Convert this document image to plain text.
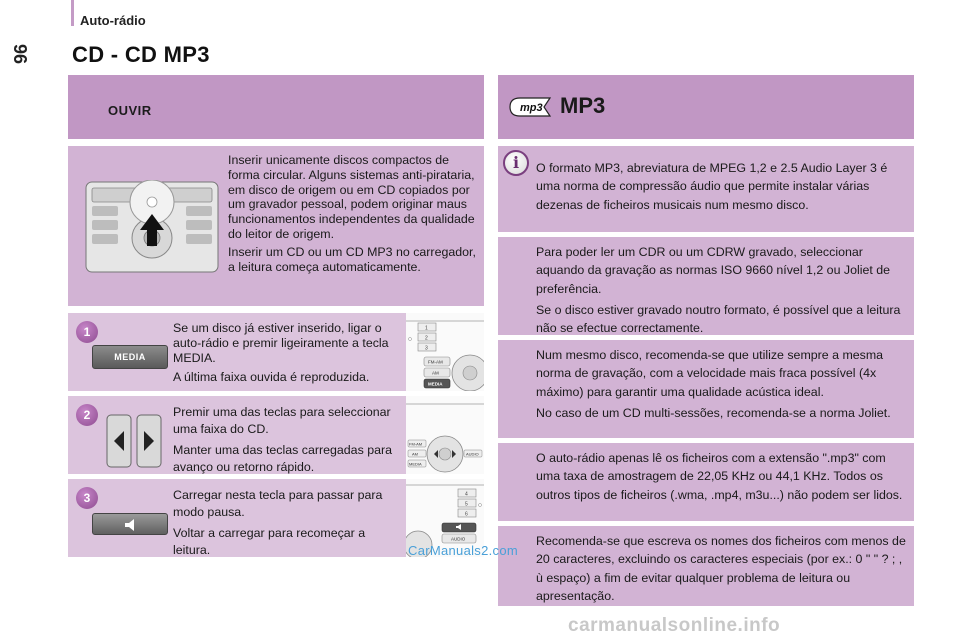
Auto-rádio
96 CD - CD MP3
OUVIR	mp3 MP3

Inserir unicamente discos compactos de forma circular. Alguns sistemas anti-pirataria, em disco de origem ou em CD copiados por um gravador pessoal, podem originar maus funcionamentos independentes da qualidade do leitor de origem.

Inserir um CD ou um CD MP3 no carregador, a leitura começa automaticamente.

1
MEDIA

Se um disco já estiver inserido, ligar o auto-rádio e premir ligeiramente a tecla MEDIA.

A última faixa ouvida é reproduzida.

2	Premir uma das teclas para seleccionar uma faixa do CD.

Manter uma das teclas carregadas para avanço ou retorno rápido.

3	Carregar nesta tecla para passar para modo pausa.

Voltar a carregar para recomeçar a leitura.

1
2
3
FM-AM
AM
MEDIA
FM-AM
AM
MEDIA
AUDIO
4
5
6
AUDIO
i	O formato MP3, abreviatura de MPEG 1,2 e 2.5 Audio Layer 3 é uma norma de compressão áudio que permite instalar várias dezenas de ficheiros musicais num mesmo disco.

Para poder ler um CDR ou um CDRW gravado, seleccionar aquando da gravação as normas ISO 9660 nível 1,2 ou Joliet de preferência.

Se o disco estiver gravado noutro formato, é possível que a leitura não se efectue correctamente.

Num mesmo disco, recomenda-se que utilize sempre a mesma norma de gravação, com a velocidade mais fraca possível (4x máximo) para garantir uma qualidade acústica ideal.

No caso de um CD multi-sessões, recomenda-se a norma Joliet.

O auto-rádio apenas lê os ficheiros com a extensão ".mp3" com uma taxa de amostragem de 22,05 KHz ou 44,1 KHz. Todos os outros tipos de ficheiros (.wma, .mp4, m3u...) não podem ser lidos.

Recomenda-se que escreva os nomes dos ficheiros com menos de 20 caracteres, excluindo os caracteres especiais (por ex.: 0 " " ? ; , ù espaço) a fim de evitar qualquer problema de leitura ou apresentação.

CarManuals2.com
carmanualsonline.info
